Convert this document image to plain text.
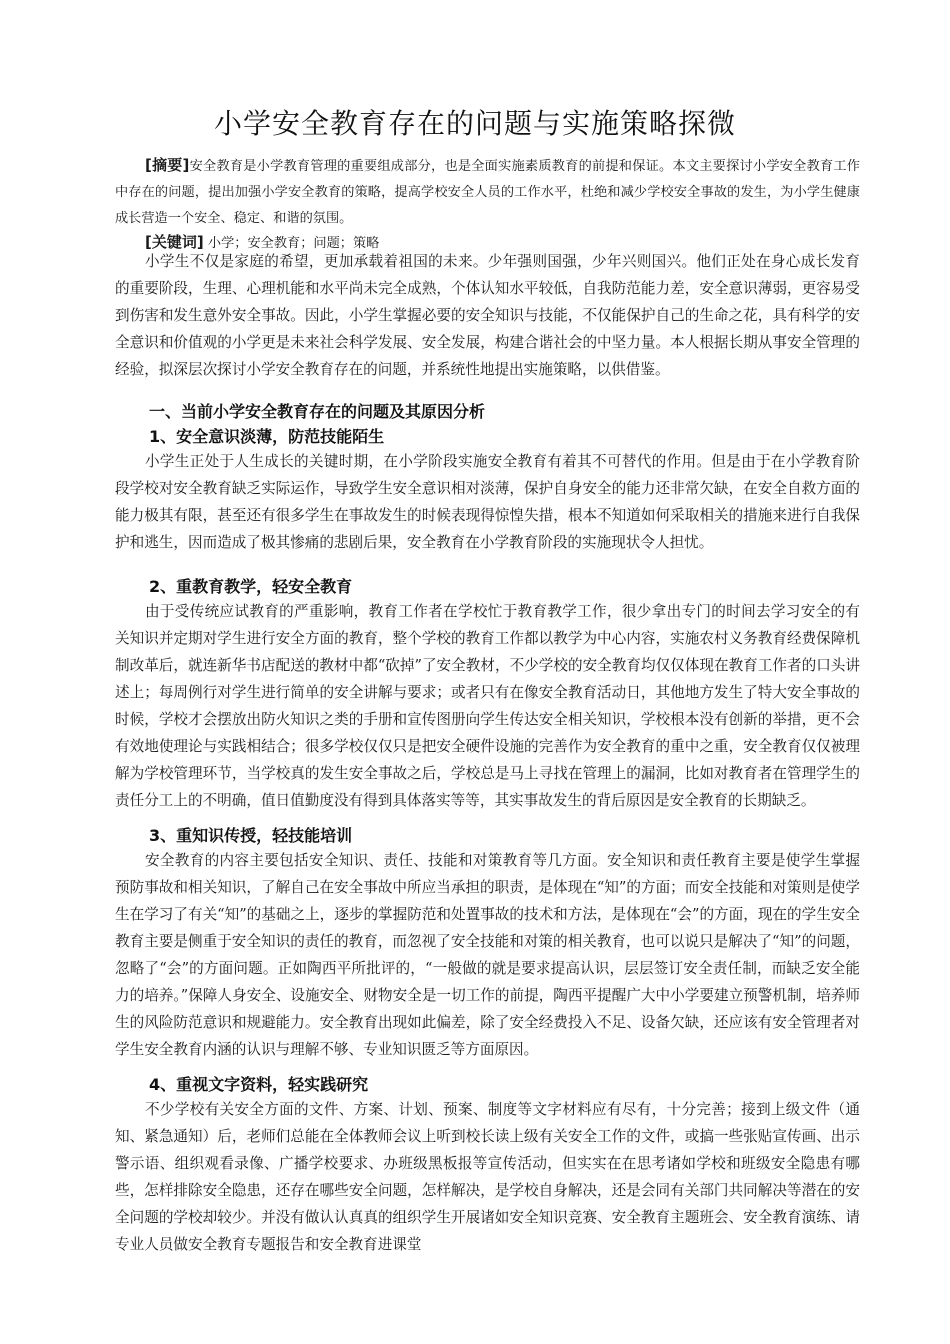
小学安全教育存在的问题与实施策略探微
[摘要]安全教育是小学教育管理的重要组成部分，也是全面实施素质教育的前提和保证。本文主要探讨小学安全教育工作中存在的问题，提出加强小学安全教育的策略，提高学校安全人员的工作水平，杜绝和减少学校安全事故的发生，为小学生健康成长营造一个安全、稳定、和谐的氛围。
[关键词] 小学；安全教育；问题；策略
小学生不仅是家庭的希望，更加承载着祖国的未来。少年强则国强，少年兴则国兴。他们正处在身心成长发育的重要阶段，生理、心理机能和水平尚未完全成熟，个体认知水平较低，自我防范能力差，安全意识薄弱，更容易受到伤害和发生意外安全事故。因此，小学生掌握必要的安全知识与技能，不仅能保护自己的生命之花，具有科学的安全意识和价值观的小学更是未来社会科学发展、安全发展，构建合谐社会的中坚力量。本人根据长期从事安全管理的经验，拟深层次探讨小学安全教育存在的问题，并系统性地提出实施策略，以供借鉴。
一、当前小学安全教育存在的问题及其原因分析
1、安全意识淡薄，防范技能陌生
小学生正处于人生成长的关键时期，在小学阶段实施安全教育有着其不可替代的作用。但是由于在小学教育阶段学校对安全教育缺乏实际运作，导致学生安全意识相对淡薄，保护自身安全的能力还非常欠缺，在安全自救方面的能力极其有限，甚至还有很多学生在事故发生的时候表现得惊惶失措，根本不知道如何采取相关的措施来进行自我保护和逃生，因而造成了极其惨痛的悲剧后果，安全教育在小学教育阶段的实施现状令人担忧。
2、重教育教学，轻安全教育
由于受传统应试教育的严重影响，教育工作者在学校忙于教育教学工作，很少拿出专门的时间去学习安全的有关知识并定期对学生进行安全方面的教育，整个学校的教育工作都以教学为中心内容，实施农村义务教育经费保障机制改革后，就连新华书店配送的教材中都“砍掉”了安全教材，不少学校的安全教育均仅仅体现在教育工作者的口头讲述上；每周例行对学生进行简单的安全讲解与要求；或者只有在像安全教育活动日，其他地方发生了特大安全事故的时候，学校才会摆放出防火知识之类的手册和宣传图册向学生传达安全相关知识，学校根本没有创新的举措，更不会有效地使理论与实践相结合；很多学校仅仅只是把安全硬件设施的完善作为安全教育的重中之重，安全教育仅仅被理解为学校管理环节，当学校真的发生安全事故之后，学校总是马上寻找在管理上的漏洞，比如对教育者在管理学生的责任分工上的不明确，值日值勤度没有得到具体落实等等，其实事故发生的背后原因是安全教育的长期缺乏。
3、重知识传授，轻技能培训
安全教育的内容主要包括安全知识、责任、技能和对策教育等几方面。安全知识和责任教育主要是使学生掌握预防事故和相关知识，了解自己在安全事故中所应当承担的职责，是体现在“知”的方面；而安全技能和对策则是使学生在学习了有关“知”的基础之上，逐步的掌握防范和处置事故的技术和方法，是体现在“会”的方面，现在的学生安全教育主要是侧重于安全知识的责任的教育，而忽视了安全技能和对策的相关教育，也可以说只是解决了“知”的问题，忽略了“会”的方面问题。正如陶西平所批评的，“一般做的就是要求提高认识，层层签订安全责任制，而缺乏安全能力的培养。”保障人身安全、设施安全、财物安全是一切工作的前提，陶西平提醒广大中小学要建立预警机制，培养师生的风险防范意识和规避能力。安全教育出现如此偏差，除了安全经费投入不足、设备欠缺，还应该有安全管理者对学生安全教育内涵的认识与理解不够、专业知识匮乏等方面原因。
4、重视文字资料，轻实践研究
不少学校有关安全方面的文件、方案、计划、预案、制度等文字材料应有尽有，十分完善；接到上级文件（通知、紧急通知）后，老师们总能在全体教师会议上听到校长读上级有关安全工作的文件，或搞一些张贴宣传画、出示警示语、组织观看录像、广播学校要求、办班级黑板报等宣传活动，但实实在在思考诸如学校和班级安全隐患有哪些，怎样排除安全隐患，还存在哪些安全问题，怎样解决，是学校自身解决，还是会同有关部门共同解决等潜在的安全问题的学校却较少。并没有做认认真真的组织学生开展诸如安全知识竞赛、安全教育主题班会、安全教育演练、请专业人员做安全教育专题报告和安全教育进课堂
